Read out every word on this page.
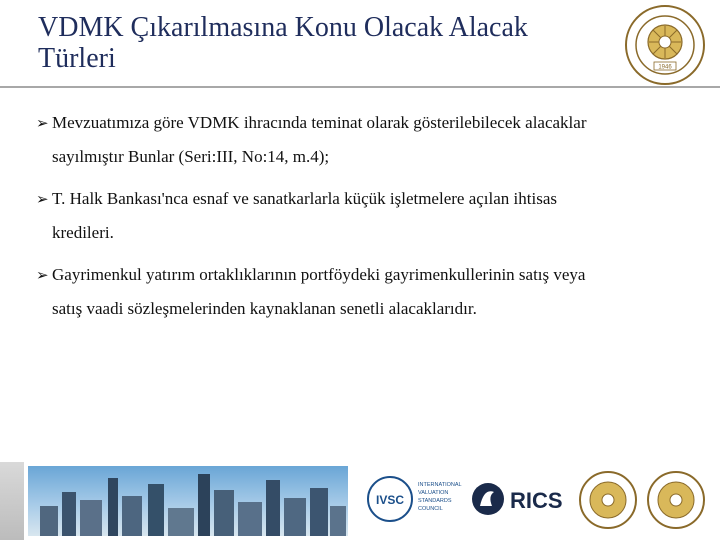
VDMK Çıkarılmasına Konu Olacak Alacak Türleri	1946
➢ Mevzuatımıza göre VDMK ihracında teminat olarak gösterilebilecek alacaklar
sayılmıştır Bunlar (Seri:III, No:14, m.4);
➢ T. Halk Bankası'nca esnaf ve sanatkarlarla küçük işletmelere açılan ihtisas
kredileri.
➢ Gayrimenkul yatırım ortaklıklarının portföydeki gayrimenkullerinin satış veya
satış vaadi sözleşmelerinden kaynaklanan senetli alacaklarıdır.
IVSC
INTERNATIONAL
VALUATION
STANDARDS
COUNCIL	RICS
